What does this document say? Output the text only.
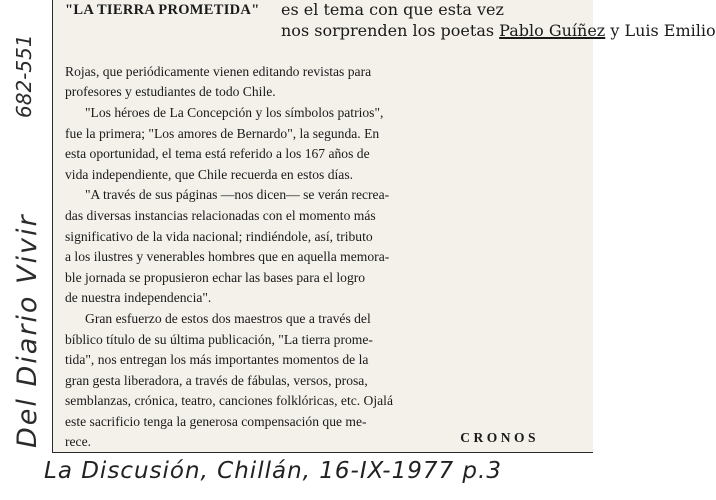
"LA TIERRA PROMETIDA" es el tema con que esta vez
nos sorprenden los poetas Pablo Guíñez y Luis Emilio
Rojas, que periódicamente vienen editando revistas para
profesores y estudiantes de todo Chile.
"Los héroes de La Concepción y los símbolos patrios",
fue la primera; "Los amores de Bernardo", la segunda. En
esta oportunidad, el tema está referido a los 167 años de
vida independiente, que Chile recuerda en estos días.
"A través de sus páginas —nos dicen— se verán recrea-
das diversas instancias relacionadas con el momento más
significativo de la vida nacional; rindiéndole, así, tributo
a los ilustres y venerables hombres que en aquella memora-
ble jornada se propusieron echar las bases para el logro
de nuestra independencia".
Gran esfuerzo de estos dos maestros que a través del
bíblico título de su última publicación, "La tierra prome-
tida", nos entregan los más importantes momentos de la
gran gesta liberadora, a través de fábulas, versos, prosa,
semblanzas, crónica, teatro, canciones folklóricas, etc. Ojalá
este sacrificio tenga la generosa compensación que me-
rece.	CRONOS
Del Diario Vivir
682-551
La Discusión, Chillán, 16-IX-1977 p.3
